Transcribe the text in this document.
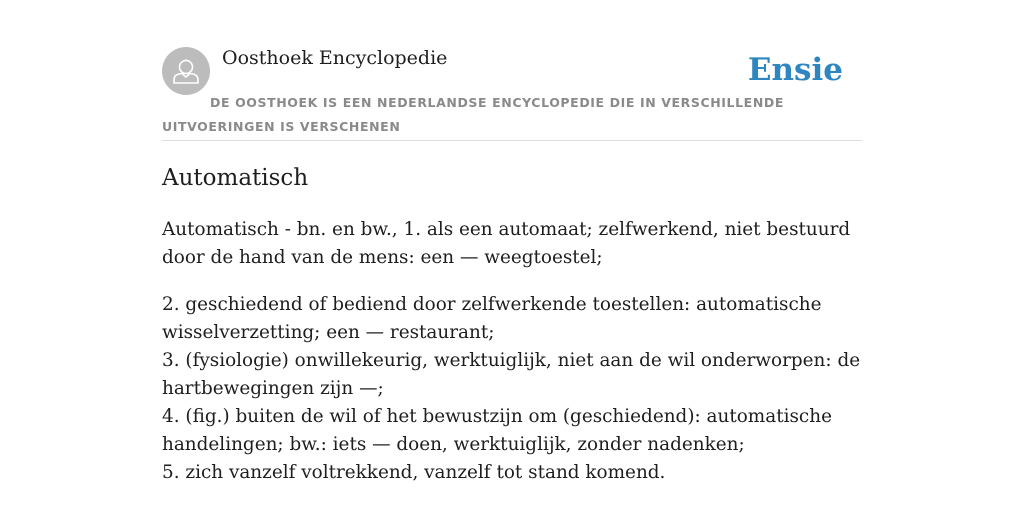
Oosthoek Encyclopedie	Ensie
DE OOSTHOEK IS EEN NEDERLANDSE ENCYCLOPEDIE DIE IN VERSCHILLENDE UITVOERINGEN IS VERSCHENEN
Automatisch

Automatisch - bn. en bw., 1. als een automaat; zelfwerkend, niet bestuurd door de hand van de mens: een — weegtoestel;

2. geschiedend of bediend door zelfwerkende toestellen: automatische wisselverzetting; een — restaurant;

3. (fysiologie) onwillekeurig, werktuiglijk, niet aan de wil onderworpen: de hartbewegingen zijn —;

4. (fig.) buiten de wil of het bewustzijn om (geschiedend): automatische handelingen; bw.: iets — doen, werktuiglijk, zonder nadenken;

5. zich vanzelf voltrekkend, vanzelf tot stand komend.
